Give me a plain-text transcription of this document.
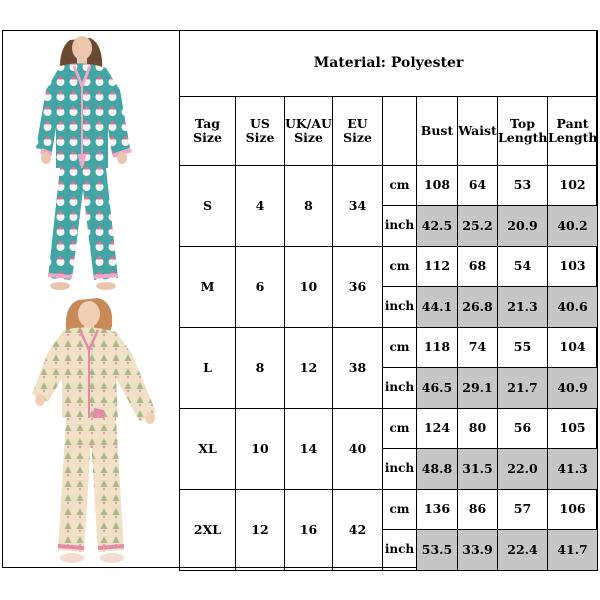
Material: Polyester								
Tag Size	US Size	UK/AU Size	EU Size		Bust	Waist	Top Length	Pant Length
S	4	8	34	cm	108	64	53	102
				inch	42.5	25.2	20.9	40.2
M	6	10	36	cm	112	68	54	103
				inch	44.1	26.8	21.3	40.6
L	8	12	38	cm	118	74	55	104
				inch	46.5	29.1	21.7	40.9
XL	10	14	40	cm	124	80	56	105
				inch	48.8	31.5	22.0	41.3
2XL	12	16	42	cm	136	86	57	106
				inch	53.5	33.9	22.4	41.7
